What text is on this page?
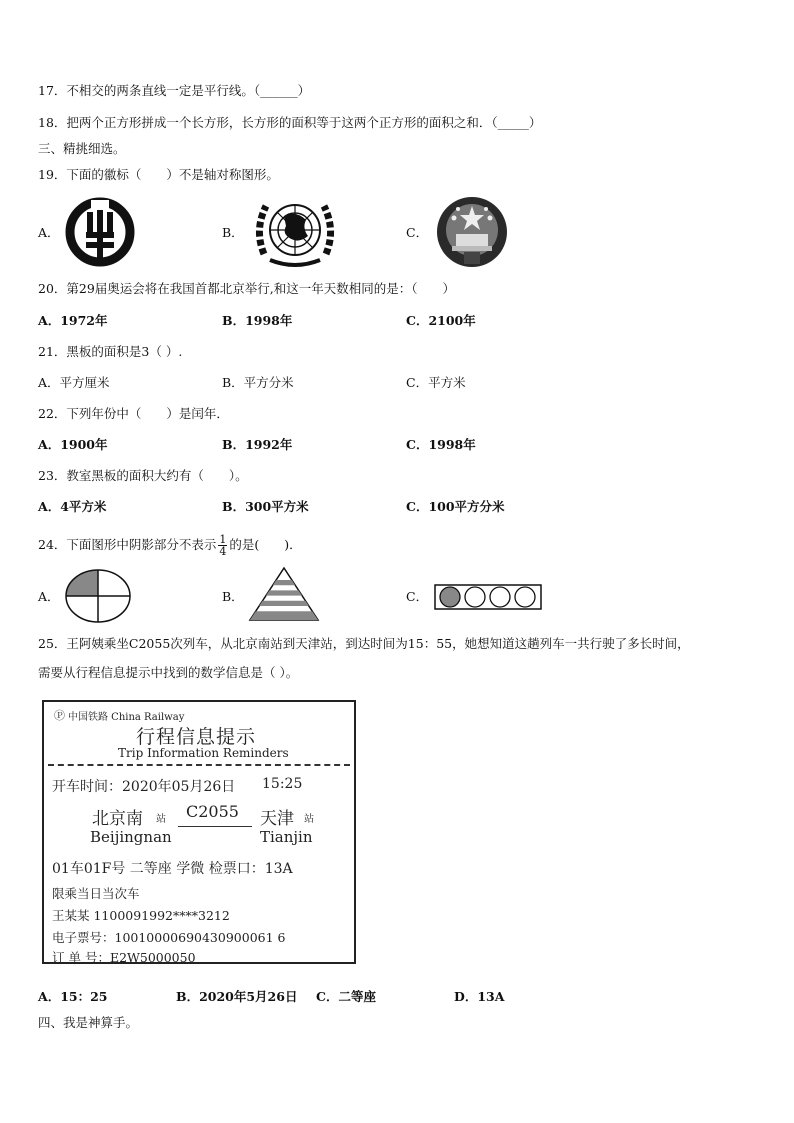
17．不相交的两条直线一定是平行线。（______）
18．把两个正方形拼成一个长方形，长方形的面积等于这两个正方形的面积之和．（_____）
三、精挑细选。
19．下面的徽标（　　）不是轴对称图形。
A．	B．	C．
20．第29届奥运会将在我国首都北京举行,和这一年天数相同的是：（　　）
A．1972年	B．1998年	C．2100年
21．黑板的面积是3（ ）.
A．平方厘米	B．平方分米	C．平方米
22．下列年份中（　　）是闰年．
A．1900年	B．1992年	C．1998年
23．教室黑板的面积大约有（　　）。
A．4平方米	B．300平方米	C．100平方分米
24．下面图形中阴影部分不表示 $\frac{1}{4}$ 的是(　　)．
A．	B．	C．
25．王阿姨乘坐C2055次列车，从北京南站到天津站，到达时间为15：55，她想知道这趟列车一共行驶了多长时间，
需要从行程信息提示中找到的数学信息是（ ）。
Ⓟ 中国铁路 China Railway
行程信息提示
Trip Information Reminders
开车时间：2020年05月26日 15:25
北京南 站 C2055 天津 站
Beijingnan	Tianjin
01车01F号 二等座 学微 检票口：13A
限乘当日当次车
王某某 1100091992****3212
电子票号：10010000690430900061 6
订 单 号：E2W5000050
A．15：25	B．2020年5月26日 C．二等座	D．13A
四、我是神算手。
